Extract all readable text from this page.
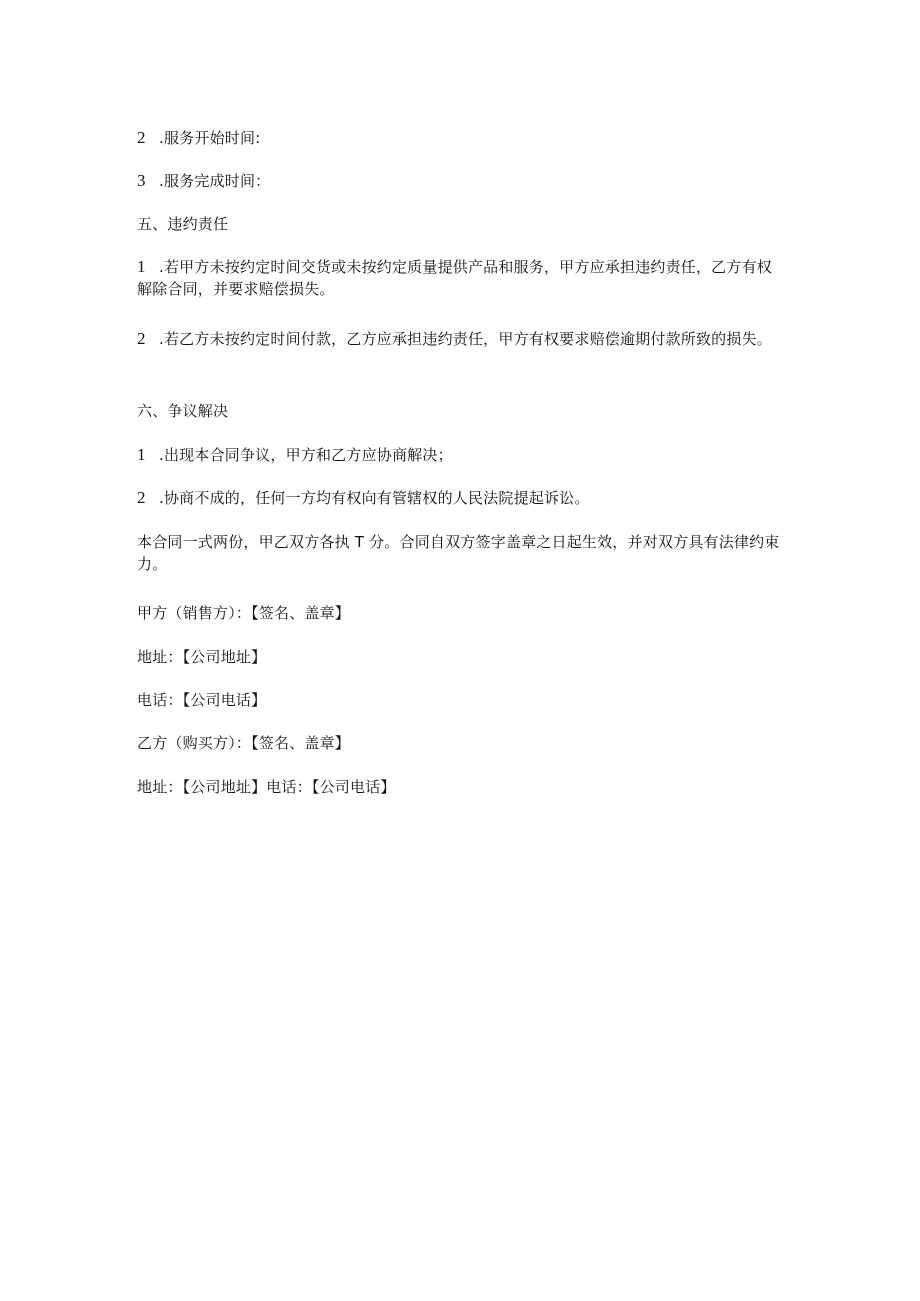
2 .服务开始时间:
3 .服务完成时间：
五、违约责任
1 .若甲方未按约定时间交货或未按约定质量提供产品和服务，甲方应承担违约责任，乙方有权解除合同，并要求赔偿损失。
2 .若乙方未按约定时间付款，乙方应承担违约责任，甲方有权要求赔偿逾期付款所致的损失。
六、争议解决
1 .出现本合同争议，甲方和乙方应协商解决；
2 .协商不成的，任何一方均有权向有管辖权的人民法院提起诉讼。
本合同一式两份，甲乙双方各执 T 分。合同自双方签字盖章之日起生效，并对双方具有法律约束力。
甲方（销售方）：【签名、盖章】
地址：【公司地址】
电话：【公司电话】
乙方（购买方）：【签名、盖章】
地址：【公司地址】电话：【公司电话】
